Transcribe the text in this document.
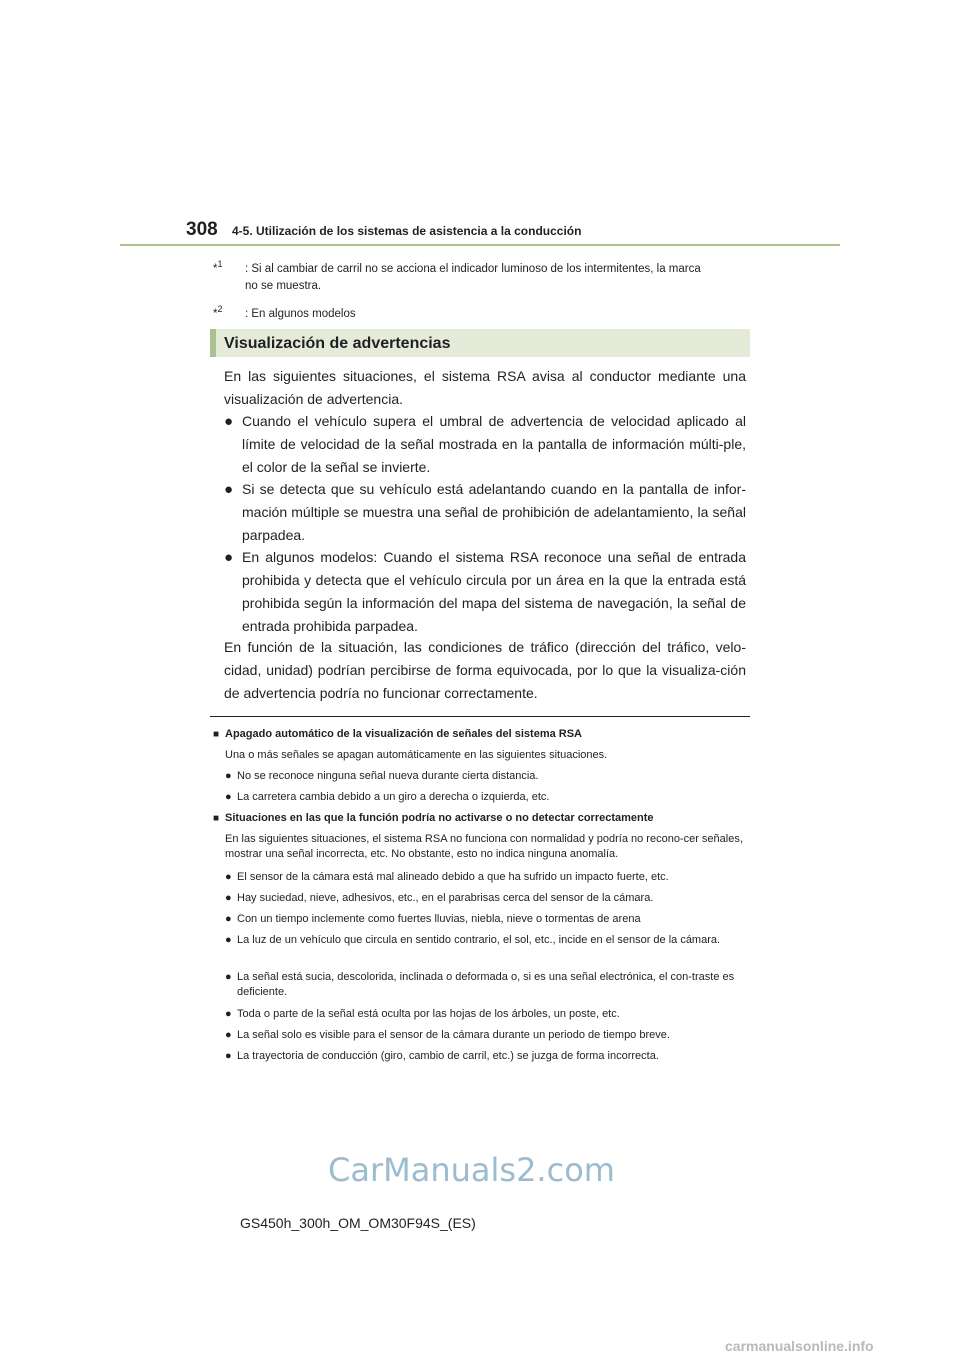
308 4-5. Utilización de los sistemas de asistencia a la conducción
*$^1$ : Si al cambiar de carril no se acciona el indicador luminoso de los intermitentes, la marca
no se muestra.
*$^2$ : En algunos modelos
Visualización de advertencias
En las siguientes situaciones, el sistema RSA avisa al conductor mediante una visualización de advertencia.
● Cuando el vehículo supera el umbral de advertencia de velocidad aplicado al límite de velocidad de la señal mostrada en la pantalla de información múlti-ple, el color de la señal se invierte.
● Si se detecta que su vehículo está adelantando cuando en la pantalla de infor-mación múltiple se muestra una señal de prohibición de adelantamiento, la señal parpadea.
● En algunos modelos: Cuando el sistema RSA reconoce una señal de entrada prohibida y detecta que el vehículo circula por un área en la que la entrada está prohibida según la información del mapa del sistema de navegación, la señal de entrada prohibida parpadea.
En función de la situación, las condiciones de tráfico (dirección del tráfico, velo-cidad, unidad) podrían percibirse de forma equivocada, por lo que la visualiza-ción de advertencia podría no funcionar correctamente.
■ Apagado automático de la visualización de señales del sistema RSA
Una o más señales se apagan automáticamente en las siguientes situaciones.
● No se reconoce ninguna señal nueva durante cierta distancia.
● La carretera cambia debido a un giro a derecha o izquierda, etc.
■ Situaciones en las que la función podría no activarse o no detectar correctamente
En las siguientes situaciones, el sistema RSA no funciona con normalidad y podría no recono-cer señales, mostrar una señal incorrecta, etc. No obstante, esto no indica ninguna anomalía.
● El sensor de la cámara está mal alineado debido a que ha sufrido un impacto fuerte, etc.
● Hay suciedad, nieve, adhesivos, etc., en el parabrisas cerca del sensor de la cámara.
● Con un tiempo inclemente como fuertes lluvias, niebla, nieve o tormentas de arena
● La luz de un vehículo que circula en sentido contrario, el sol, etc., incide en el sensor de la cámara.
● La señal está sucia, descolorida, inclinada o deformada o, si es una señal electrónica, el con-traste es deficiente.
● Toda o parte de la señal está oculta por las hojas de los árboles, un poste, etc.
● La señal solo es visible para el sensor de la cámara durante un periodo de tiempo breve.
● La trayectoria de conducción (giro, cambio de carril, etc.) se juzga de forma incorrecta.
CarManuals2.com
GS450h_300h_OM_OM30F94S_(ES)
carmanualsonline.info
